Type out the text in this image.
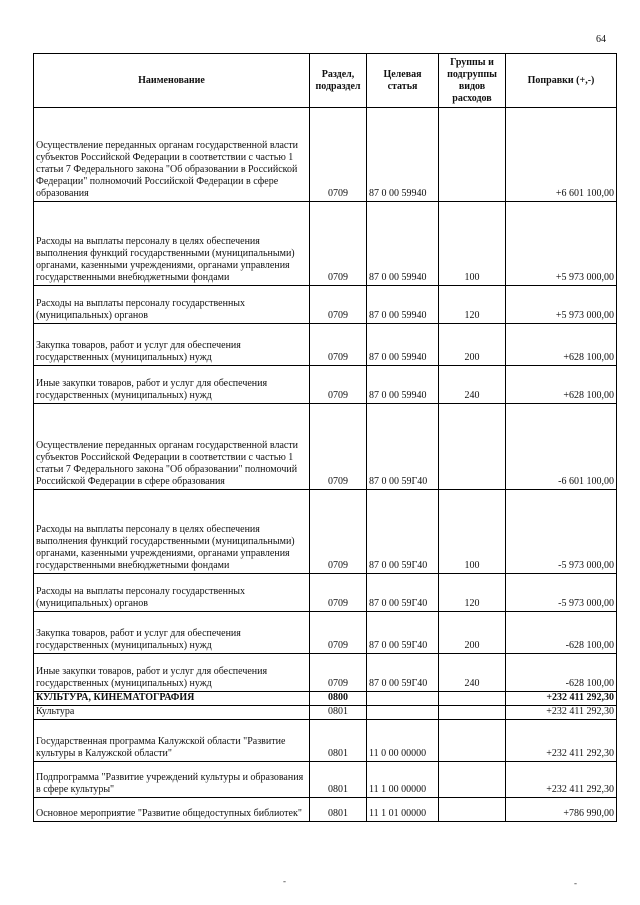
64
Наименование	Раздел, подраздел	Целевая статья	Группы и подгруппы видов расходов	Поправки (+,-)
Осуществление переданных органам государственной власти субъектов Российской Федерации в соответствии с частью 1 статьи 7 Федерального закона "Об образовании в Российской Федерации" полномочий Российской Федерации в сфере образования	0709	87 0 00 59940		+6 601 100,00
Расходы на выплаты персоналу в целях обеспечения выполнения функций государственными (муниципальными) органами, казенными учреждениями, органами управления государственными внебюджетными фондами	0709	87 0 00 59940	100	+5 973 000,00
Расходы на выплаты персоналу государственных (муниципальных) органов	0709	87 0 00 59940	120	+5 973 000,00
Закупка товаров, работ и услуг для обеспечения государственных (муниципальных) нужд	0709	87 0 00 59940	200	+628 100,00
Иные закупки товаров, работ и услуг для обеспечения государственных (муниципальных) нужд	0709	87 0 00 59940	240	+628 100,00
Осуществление переданных органам государственной власти субъектов Российской Федерации в соответствии с частью 1 статьи 7 Федерального закона "Об образовании" полномочий Российской Федерации в сфере образования	0709	87 0 00 59Г40		-6 601 100,00
Расходы на выплаты персоналу в целях обеспечения выполнения функций государственными (муниципальными) органами, казенными учреждениями, органами управления государственными внебюджетными фондами	0709	87 0 00 59Г40	100	-5 973 000,00
Расходы на выплаты персоналу государственных (муниципальных) органов	0709	87 0 00 59Г40	120	-5 973 000,00
Закупка товаров, работ и услуг для обеспечения государственных (муниципальных) нужд	0709	87 0 00 59Г40	200	-628 100,00
Иные закупки товаров, работ и услуг для обеспечения государственных (муниципальных) нужд	0709	87 0 00 59Г40	240	-628 100,00
КУЛЬТУРА, КИНЕМАТОГРАФИЯ	0800			+232 411 292,30
Культура	0801			+232 411 292,30
Государственная программа Калужской области "Развитие культуры в Калужской области"	0801	11 0 00 00000		+232 411 292,30
Подпрограмма "Развитие учреждений культуры и образования в сфере культуры"	0801	11 1 00 00000		+232 411 292,30
Основное мероприятие "Развитие общедоступных библиотек"	0801	11 1 01 00000		+786 990,00
-	-
